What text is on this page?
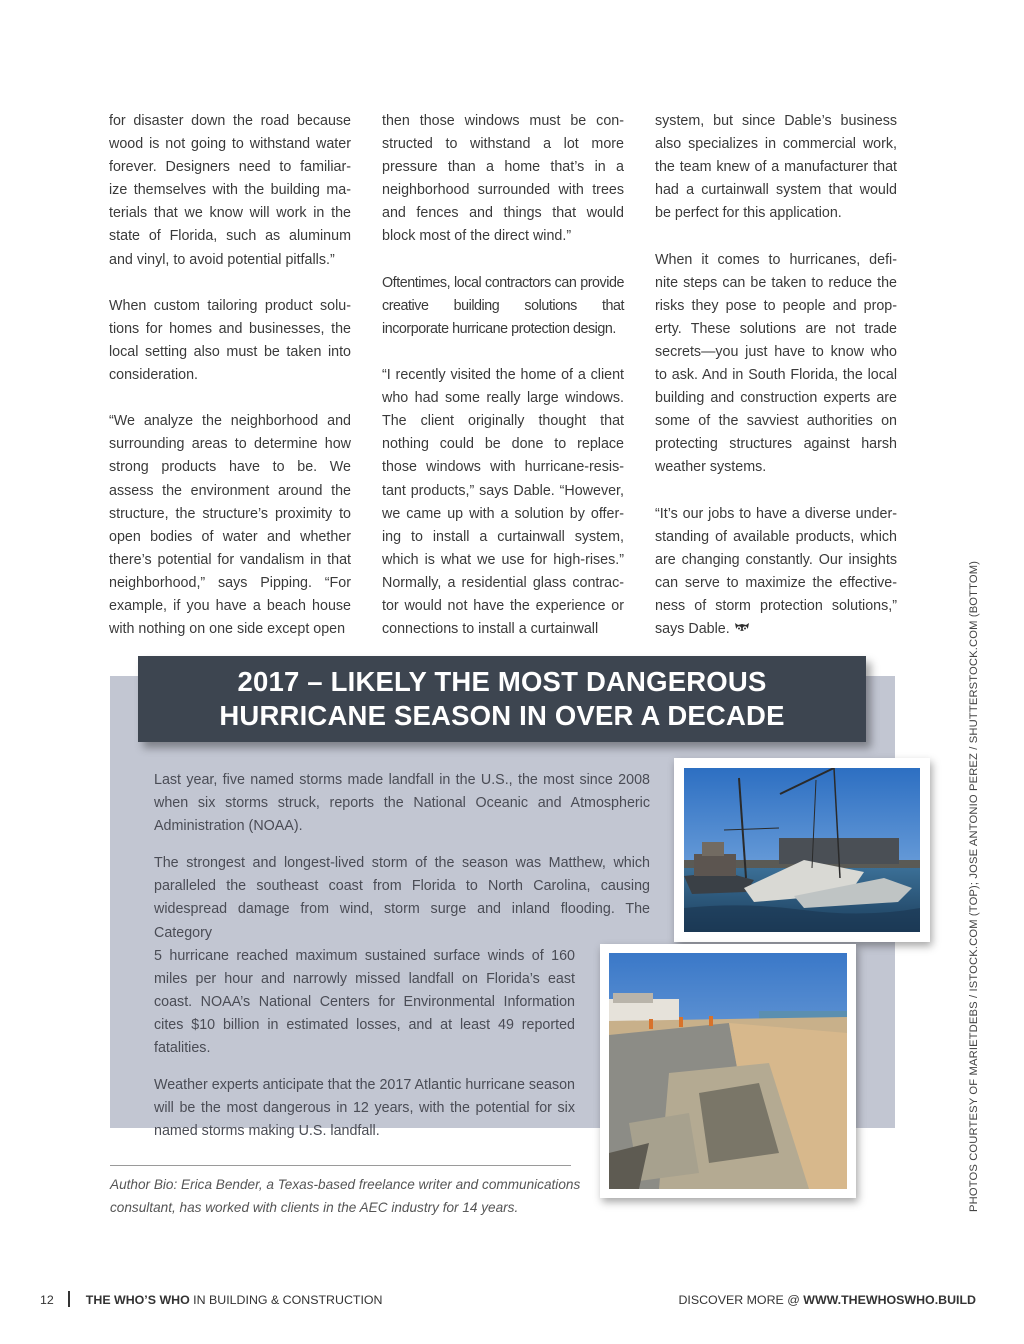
for disaster down the road because wood is not going to withstand water forever. Designers need to familiar- ize themselves with the building ma- terials that we know will work in the state of Florida, such as aluminum and vinyl, to avoid potential pitfalls.”

When custom tailoring product solu- tions for homes and businesses, the local setting also must be taken into consideration.

“We analyze the neighborhood and surrounding areas to determine how strong products have to be. We assess the environment around the structure, the structure’s proximity to open bodies of water and whether there’s potential for vandalism in that neighborhood,” says Pipping. “For example, if you have a beach house with nothing on one side except open

then those windows must be con- structed to withstand a lot more pressure than a home that’s in a neighborhood surrounded with trees and fences and things that would block most of the direct wind.”

Oftentimes, local contractors can provide creative building solutions that incorporate hurricane protection design.

“I recently visited the home of a client who had some really large windows. The client originally thought that nothing could be done to replace those windows with hurricane-resis- tant products,” says Dable. “However, we came up with a solution by offer- ing to install a curtainwall system, which is what we use for high-rises.” Normally, a residential glass contrac- tor would not have the experience or connections to install a curtainwall

system, but since Dable’s business also specializes in commercial work, the team knew of a manufacturer that had a curtainwall system that would be perfect for this application.

When it comes to hurricanes, defi- nite steps can be taken to reduce the risks they pose to people and prop- erty. These solutions are not trade secrets—you just have to know who to ask. And in South Florida, the local building and construction experts are some of the savviest authorities on protecting structures against harsh weather systems.

“It’s our jobs to have a diverse under- standing of available products, which are changing constantly. Our insights can serve to maximize the effective- ness of storm protection solutions,” says Dable.

2017 – LIKELY THE MOST DANGEROUS
HURRICANE SEASON IN OVER A DECADE

Last year, five named storms made landfall in the U.S., the most since 2008 when six storms struck, reports the National Oceanic and Atmospheric Administration (NOAA).

The strongest and longest-lived storm of the season was Matthew, which paralleled the southeast coast from Florida to North Carolina, causing widespread damage from wind, storm surge and inland flooding. The Category
5 hurricane reached maximum sustained surface winds of 160 miles per hour and narrowly missed landfall on Florida’s east coast. NOAA’s National Centers for Environmental Information cites $10 billion in estimated losses, and at least 49 reported fatalities.

Weather experts anticipate that the 2017 Atlantic hurricane season will be the most dangerous in 12 years, with the potential for six named storms making U.S. landfall.	PHOTOS COURTESY OF MARIETDEBS / ISTOCK.COM (TOP); JOSE ANTONIO PEREZ / SHUTTERSTOCK.COM (BOTTOM)
Author Bio: Erica Bender, a Texas-based freelance writer and communications
consultant, has worked with clients in the AEC industry for 14 years.
12	THE WHO’S WHO IN BUILDING & CONSTRUCTION	DISCOVER MORE @ WWW.THEWHOSWHO.BUILD
